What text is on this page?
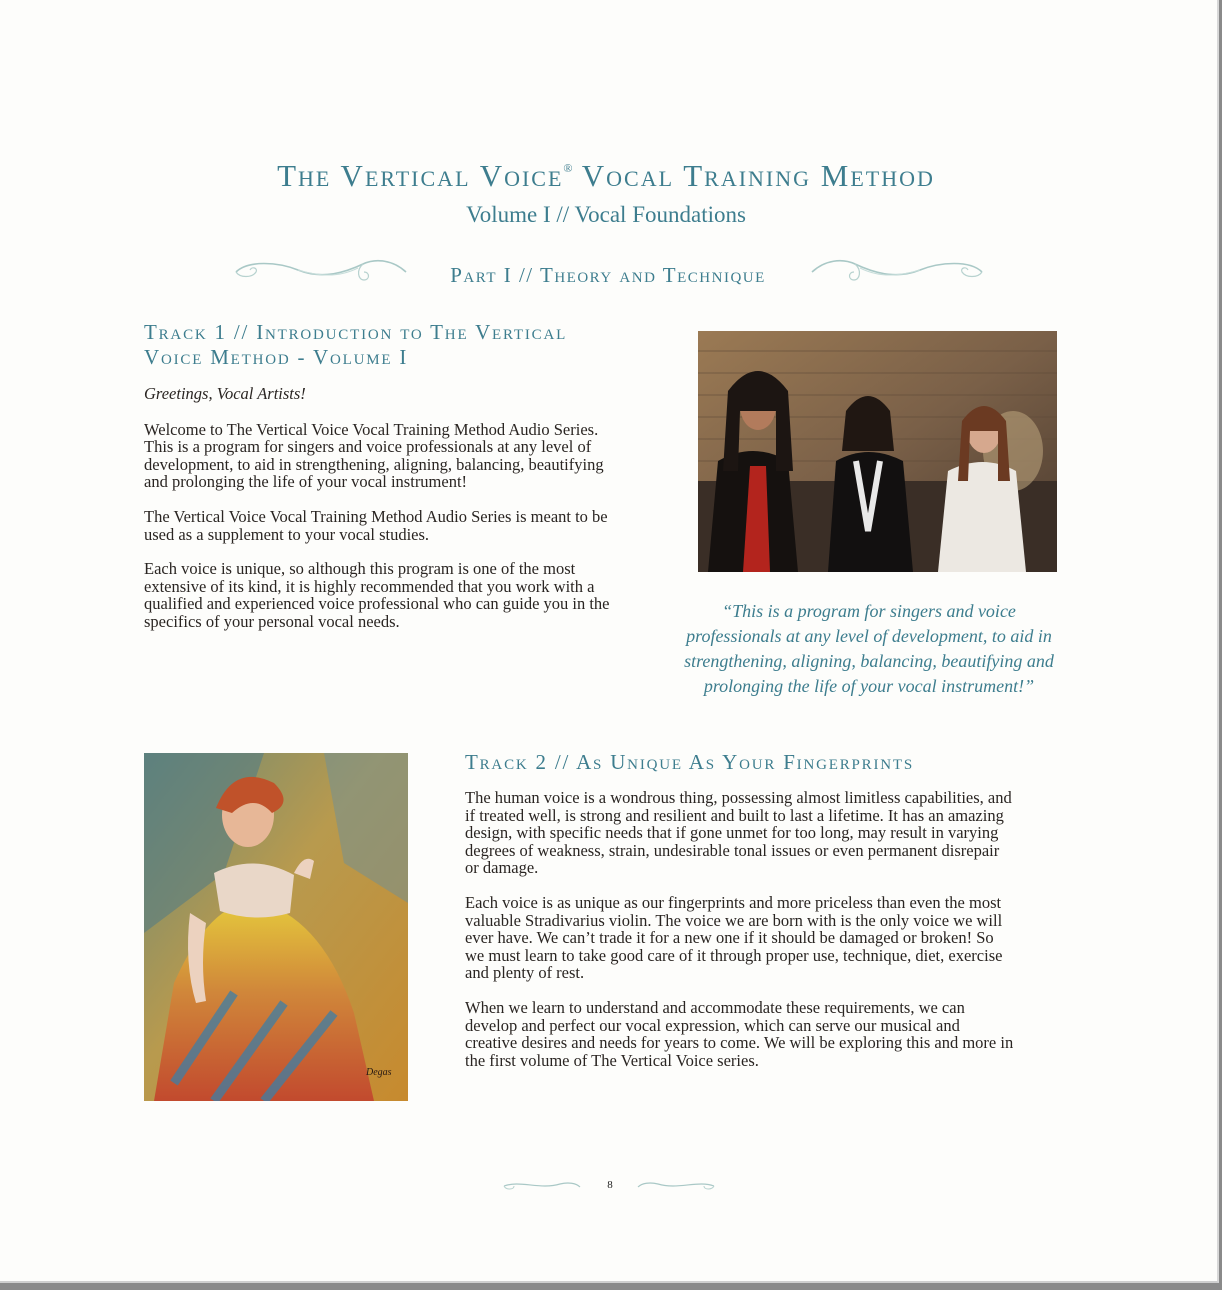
The Vertical Voice® Vocal Training Method
Volume I // Vocal Foundations
Part I // Theory and Technique
Track 1 // Introduction to The Vertical
Voice Method - Volume I

Greetings, Vocal Artists!

Welcome to The Vertical Voice Vocal Training Method Audio Series. This is a program for singers and voice professionals at any level of development, to aid in strengthening, aligning, balancing, beautifying and prolonging the life of your vocal instrument!

The Vertical Voice Vocal Training Method Audio Series is meant to be used as a supplement to your vocal studies.

Each voice is unique, so although this program is one of the most extensive of its kind, it is highly recommended that you work with a qualified and experienced voice professional who can guide you in the specifics of your personal vocal needs.

“This is a program for singers and voice professionals at any level of development, to aid in strengthening, aligning, balancing, beautifying and prolonging the life of your vocal instrument!”

Degas
Track 2 // As Unique As Your Fingerprints

The human voice is a wondrous thing, possessing almost limitless capabilities, and if treated well, is strong and resilient and built to last a lifetime. It has an amazing design, with specific needs that if gone unmet for too long, may result in varying degrees of weakness, strain, undesirable tonal issues or even permanent disrepair or damage.

Each voice is as unique as our fingerprints and more priceless than even the most valuable Stradivarius violin. The voice we are born with is the only voice we will ever have. We can’t trade it for a new one if it should be damaged or broken! So we must learn to take good care of it through proper use, technique, diet, exercise and plenty of rest.

When we learn to understand and accommodate these requirements, we can develop and perfect our vocal expression, which can serve our musical and creative desires and needs for years to come. We will be exploring this and more in the first volume of The Vertical Voice series.

8
